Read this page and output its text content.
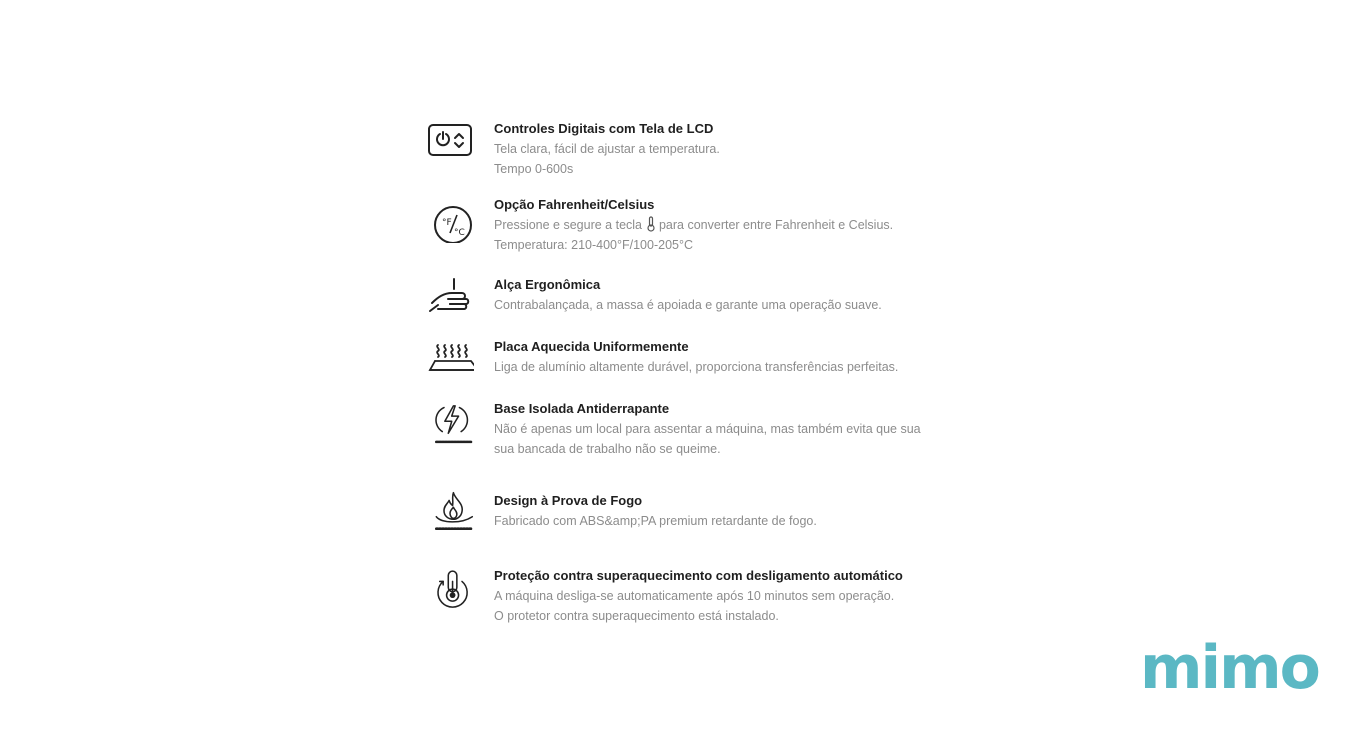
Controles Digitais com Tela de LCD
Tela clara, fácil de ajustar a temperatura.
Tempo 0-600s
°F
°C
Opção Fahrenheit/Celsius
Pressione e segure a tecla para converter entre Fahrenheit e Celsius.
Temperatura: 210-400°F/100-205°C
Alça Ergonômica
Contrabalançada, a massa é apoiada e garante uma operação suave.
Placa Aquecida Uniformemente
Liga de alumínio altamente durável, proporciona transferências perfeitas.
Base Isolada Antiderrapante
Não é apenas um local para assentar a máquina, mas também evita que sua
sua bancada de trabalho não se queime.
Design à Prova de Fogo
Fabricado com ABS&amp;PA premium retardante de fogo.
Proteção contra superaquecimento com desligamento automático
A máquina desliga-se automaticamente após 10 minutos sem operação.
O protetor contra superaquecimento está instalado.
mimo
